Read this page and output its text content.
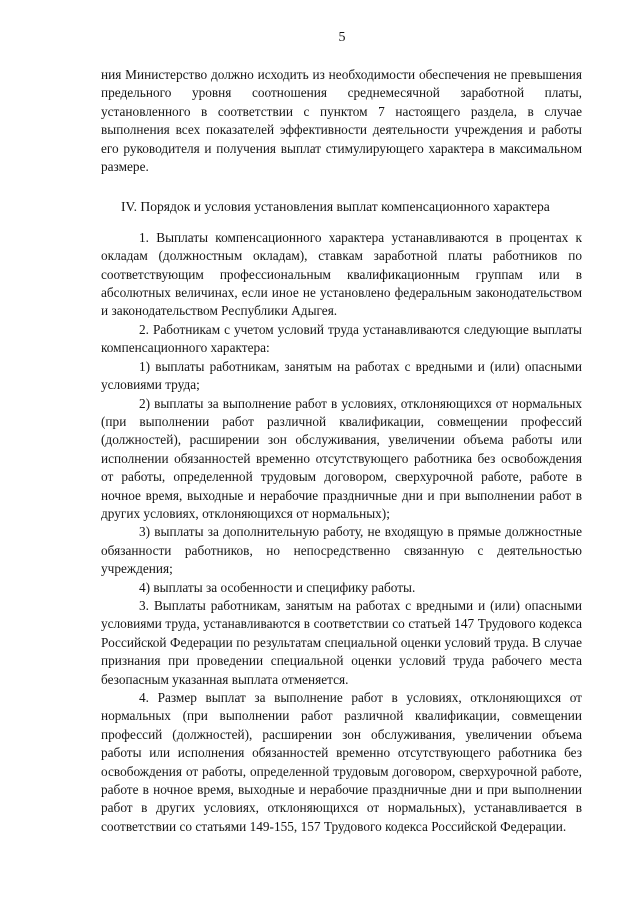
5

ния Министерство должно исходить из необходимости обеспечения не превышения предельного уровня соотношения среднемесячной заработной платы, установленного в соответствии с пунктом 7 настоящего раздела, в случае выполнения всех показателей эффективности деятельности учреждения и работы его руководителя и получения выплат стимулирующего характера в максимальном размере.

IV. Порядок и условия установления выплат компенсационного характера

1. Выплаты компенсационного характера устанавливаются в процентах к окладам (должностным окладам), ставкам заработной платы работников по соответствующим профессиональным квалификационным группам или в абсолютных величинах, если иное не установлено федеральным законодательством и законодательством Республики Адыгея.

2. Работникам с учетом условий труда устанавливаются следующие выплаты компенсационного характера:

1) выплаты работникам, занятым на работах с вредными и (или) опасными условиями труда;

2) выплаты за выполнение работ в условиях, отклоняющихся от нормальных (при выполнении работ различной квалификации, совмещении профессий (должностей), расширении зон обслуживания, увеличении объема работы или исполнении обязанностей временно отсутствующего работника без освобождения от работы, определенной трудовым договором, сверхурочной работе, работе в ночное время, выходные и нерабочие праздничные дни и при выполнении работ в других условиях, отклоняющихся от нормальных);

3) выплаты за дополнительную работу, не входящую в прямые должностные обязанности работников, но непосредственно связанную с деятельностью учреждения;

4) выплаты за особенности и специфику работы.

3. Выплаты работникам, занятым на работах с вредными и (или) опасными условиями труда, устанавливаются в соответствии со статьей 147 Трудового кодекса Российской Федерации по результатам специальной оценки условий труда. В случае признания при проведении специальной оценки условий труда рабочего места безопасным указанная выплата отменяется.

4. Размер выплат за выполнение работ в условиях, отклоняющихся от нормальных (при выполнении работ различной квалификации, совмещении профессий (должностей), расширении зон обслуживания, увеличении объема работы или исполнения обязанностей временно отсутствующего работника без освобождения от работы, определенной трудовым договором, сверхурочной работе, работе в ночное время, выходные и нерабочие праздничные дни и при выполнении работ в других условиях, отклоняющихся от нормальных), устанавливается в соответствии со статьями 149-155, 157 Трудового кодекса Российской Федерации.
